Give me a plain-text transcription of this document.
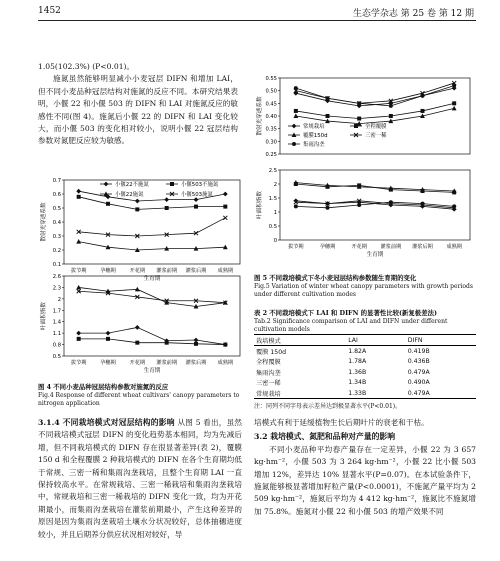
1452	生态学杂志 第 25 卷 第 12 期

1.05(102.3%) (P<0.01)。

施氮虽然能够明显减小小麦冠层 DIFN 和增加 LAI，但不同小麦品种冠层结构对施氮的反应不同。本研究结果表明，小偃 22 和小偃 503 的 DIFN 和 LAI 对施氮反应的敏感性不同(图 4)。施氮后小偃 22 的 DIFN 和 LAI 变化较大，而小偃 503 的变化相对较小，说明小偃 22 冠层结构参数对氮肥反应较为敏感。

0.1
0.2
0.3
0.4
0.5
0.6
0.7
散射光穿透系数
拔节期	孕穗期	开花期 灌浆前期 灌浆后期 成熟期
生育期
0.5
0.8
1.1
1.4
1.7
2
2.3
2.6
叶面积指数
拔节期	孕穗期	开花期 灌浆前期 灌浆后期 成熟期
生育期
小偃22不施氮
小偃22施氮
小偃503不施氮
小偃503施氮
图 4 不同小麦品种冠层结构参数对施氮的反应
Fig.4 Response of different wheat cultivars' canopy parameters to nitrogen application

3.1.4 不同栽培模式对冠层结构的影响 从图 5 看出，虽然不同栽培模式冠层 DIFN 的变化趋势基本相同，均为先减后增，但不同栽培模式的 DIFN 存在很显著差异(表 2)，覆膜 150 d 和全程覆膜 2 种栽培模式的 DIFN 在各个生育期均低于常规、三密一稀和集雨沟垄栽培，且整个生育期 LAI 一直保持较高水平。在常规栽培、三密一稀栽培和集雨沟垄栽培中，常规栽培和三密一稀栽培的 DIFN 变化一致，均为开花期最小，而集雨沟垄栽培在灌浆前期最小，产生这种差异的原因是因为集雨沟垄栽培土壤水分状况较好，总体抽穗进度较小，并且后期养分供应状况相对较好，导

0.25
0.30
0.35
0.40
0.45
0.50
0.55
散射光穿透系数
0
0.5
1
1.5
2
2.5
叶面积指数
拔节期	孕穗期	开花期	灌浆前期 灌浆后期	成熟期
生育期
常规栽培	全程覆膜
覆膜150d	三密一稀
集雨沟垄
图 5 不同栽培模式下冬小麦冠层结构参数随生育期的变化
Fig.5 Variation of winter wheat canopy parameters with growth periods under different cultivation modes
表 2 不同栽培模式下 LAI 和 DIFN 的显著性比较(新复极差法)
Tab.2 Significance comparison of LAI and DIFN under different cultivation models
栽培模式	LAI	DIFN
覆膜 150d	1.82A	0.419B
全程覆膜	1.78A	0.436B
集雨沟垄	1.36B	0.479A
三密一稀	1.34B	0.490A
常规栽培	1.33B	0.479A
注：同列不同字母表示差异达到极显著水平(P<0.01)。

培模式有利于延缓植物生长后期叶片的衰老和干枯。

3.2 栽培模式、氮肥和品种对产量的影响

不同小麦品种平均春产量存在一定差异，小偃 22 为 3 657 kg·hm⁻²，小偃 503 为 3 264 kg·hm⁻²，小偃 22 比小偃 503 增加 12%，差异达 10% 显著水平(P=0.07)。在本试验条件下，施氮能够极显著增加籽粒产量(P<0.0001)，不施氮产量平均为 2 509 kg·hm⁻²，施氮后平均为 4 412 kg·hm⁻²，施氮比不施氮增加 75.8%。施氮对小偃 22 和小偃 503 的增产效果不同
